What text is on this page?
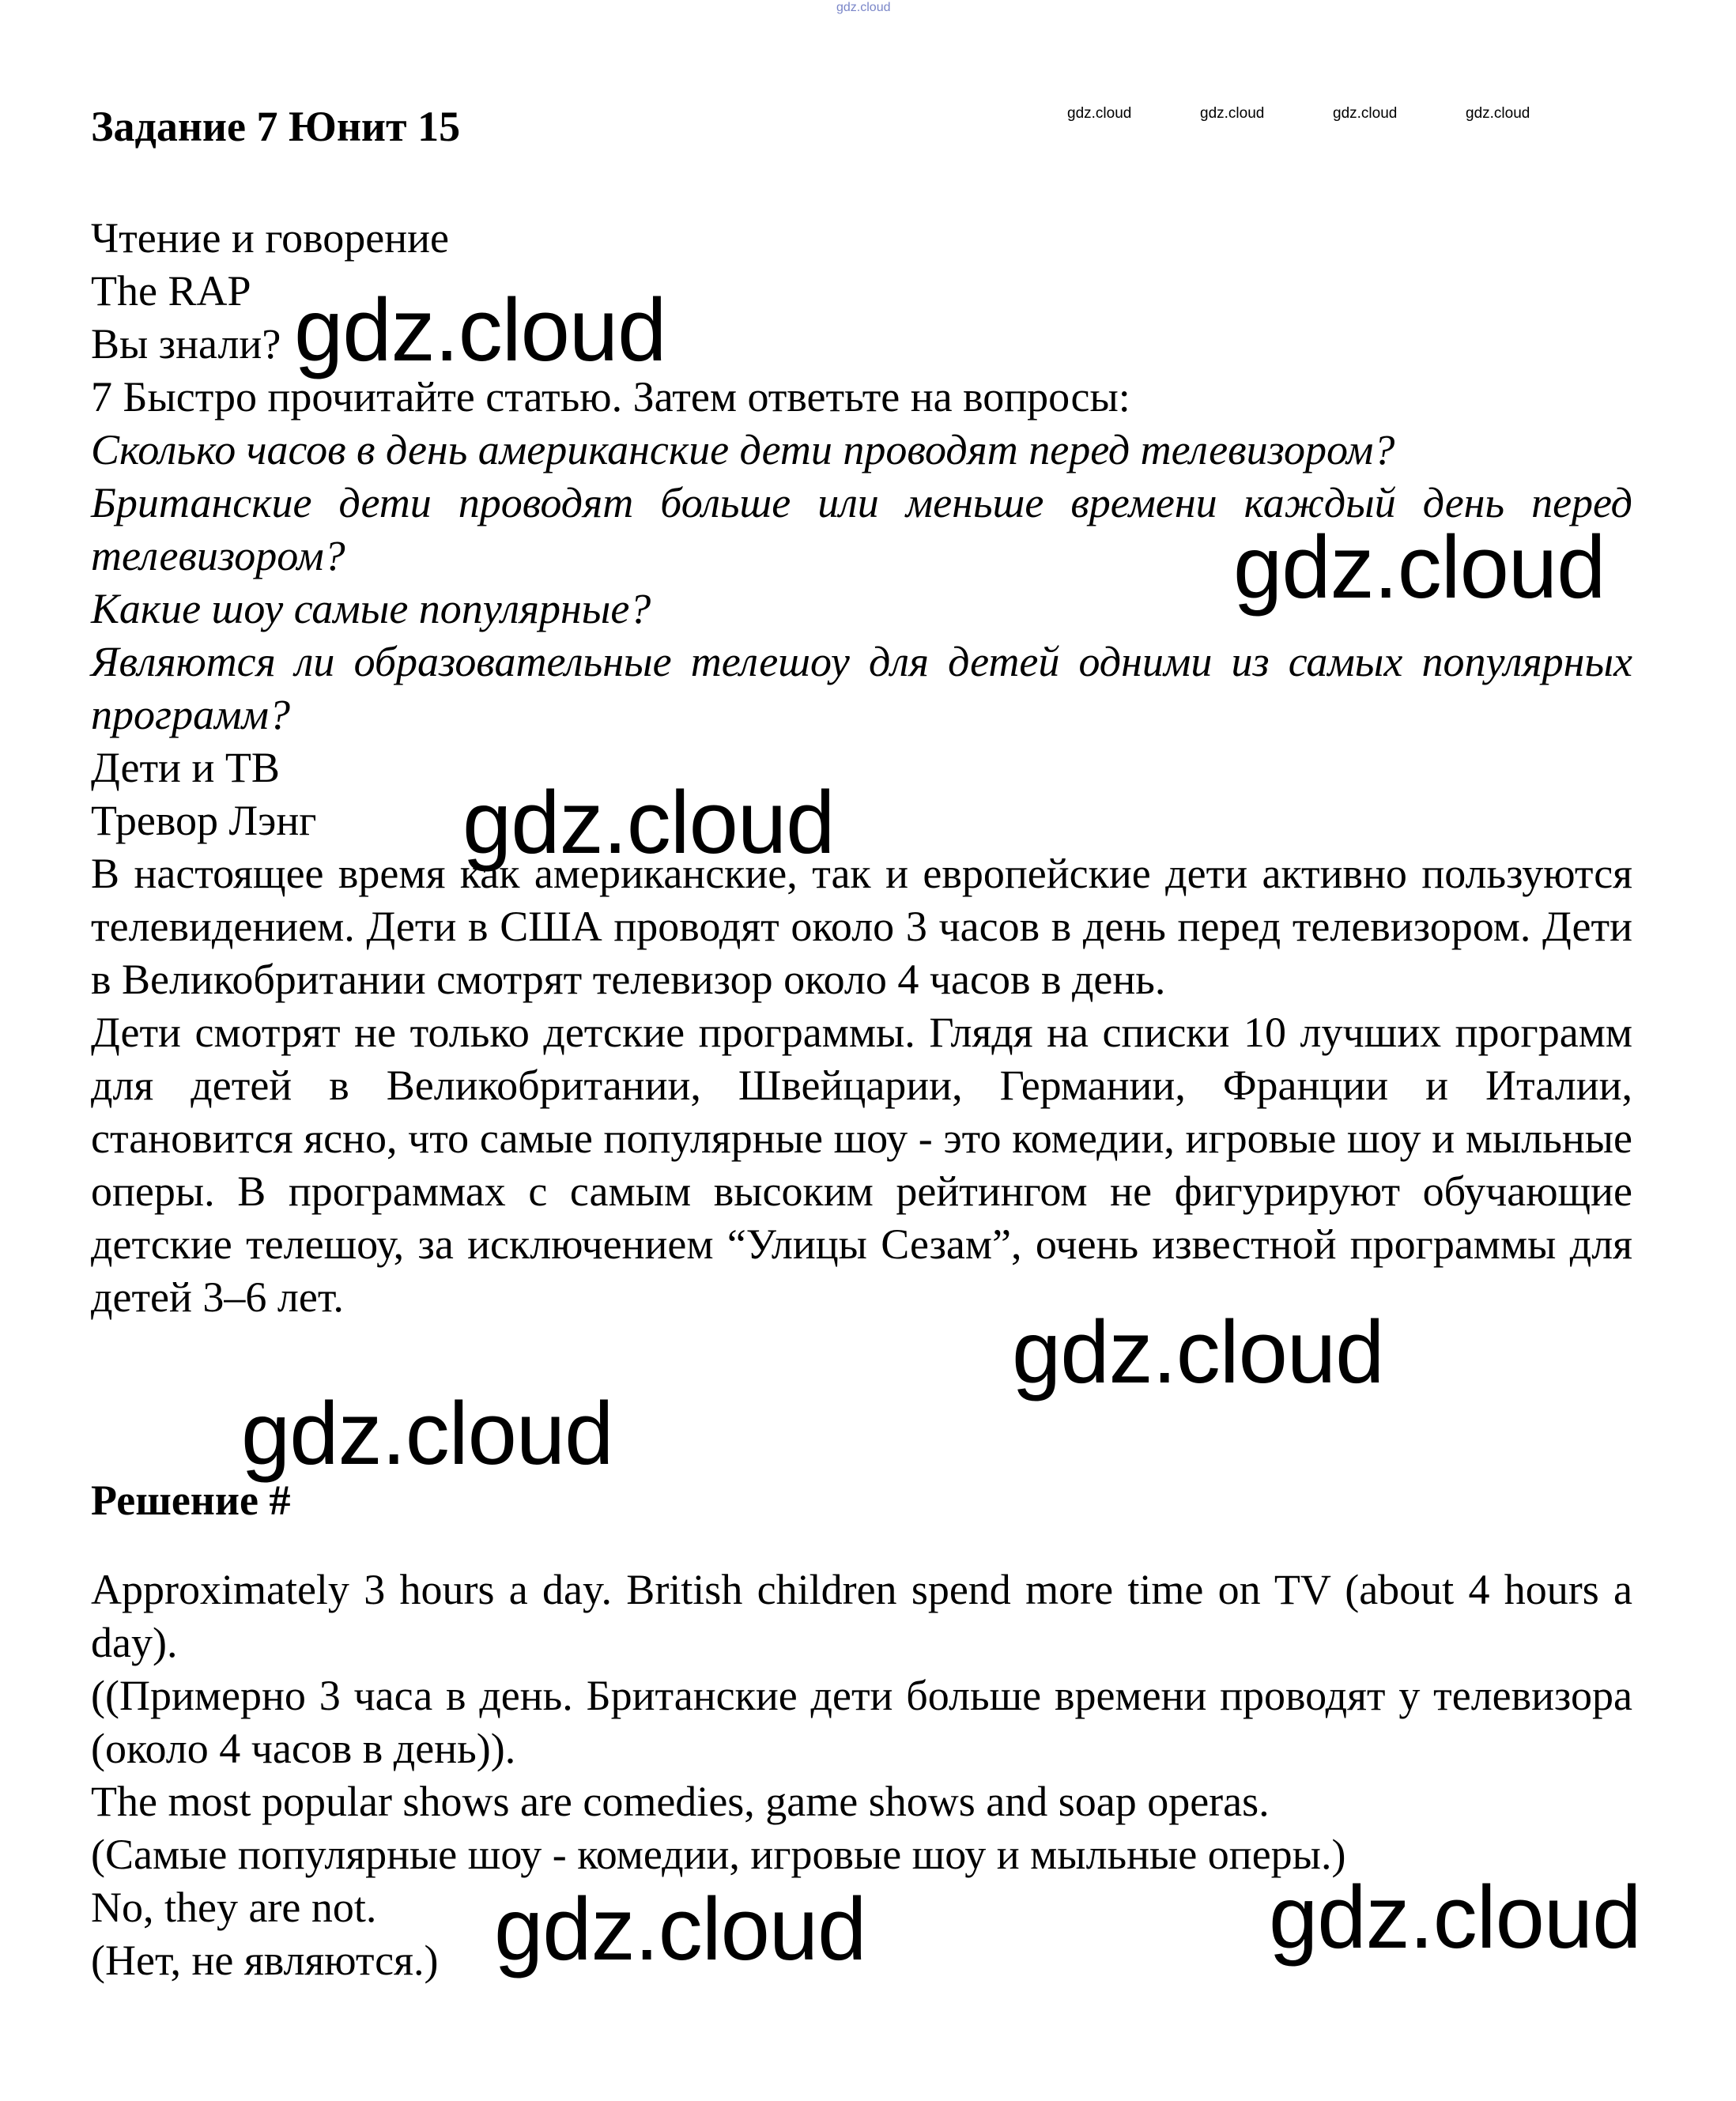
gdz.cloud
Задание 7 Юнит 15	gdz.cloud	gdz.cloud	gdz.cloud	gdz.cloud

Чтение и говорение

The RAP

Вы знали?

7 Быстро прочитайте статью. Затем ответьте на вопросы:

Сколько часов в день американские дети проводят перед телевизором?

Британские дети проводят больше или меньше времени каждый день перед телевизором?

Какие шоу самые популярные?

Являются ли образовательные телешоу для детей одними из самых популярных программ?

Дети и ТВ

Тревор Лэнг

В настоящее время как американские, так и европейские дети активно пользуются телевидением. Дети в США проводят около 3 часов в день перед телевизором. Дети в Великобритании смотрят телевизор около 4 часов в день.

Дети смотрят не только детские программы. Глядя на списки 10 лучших программ для детей в Великобритании, Швейцарии, Германии, Франции и Италии, становится ясно, что самые популярные шоу - это комедии, игровые шоу и мыльные оперы. В программах с самым высоким рейтингом не фигурируют обучающие детские телешоу, за исключением “Улицы Сезам”, очень известной программы для детей 3–6 лет.

Решение #

Approximately 3 hours a day. British children spend more time on TV (about 4 hours a day).

((Примерно 3 часа в день. Британские дети больше времени проводят у телевизора (около 4 часов в день)).

The most popular shows are comedies, game shows and soap operas.

(Самые популярные шоу - комедии, игровые шоу и мыльные оперы.)

No, they are not.

(Нет, не являются.)

gdz.cloud
gdz.cloud
gdz.cloud
gdz.cloud
gdz.cloud
gdz.cloud	gdz.cloud
